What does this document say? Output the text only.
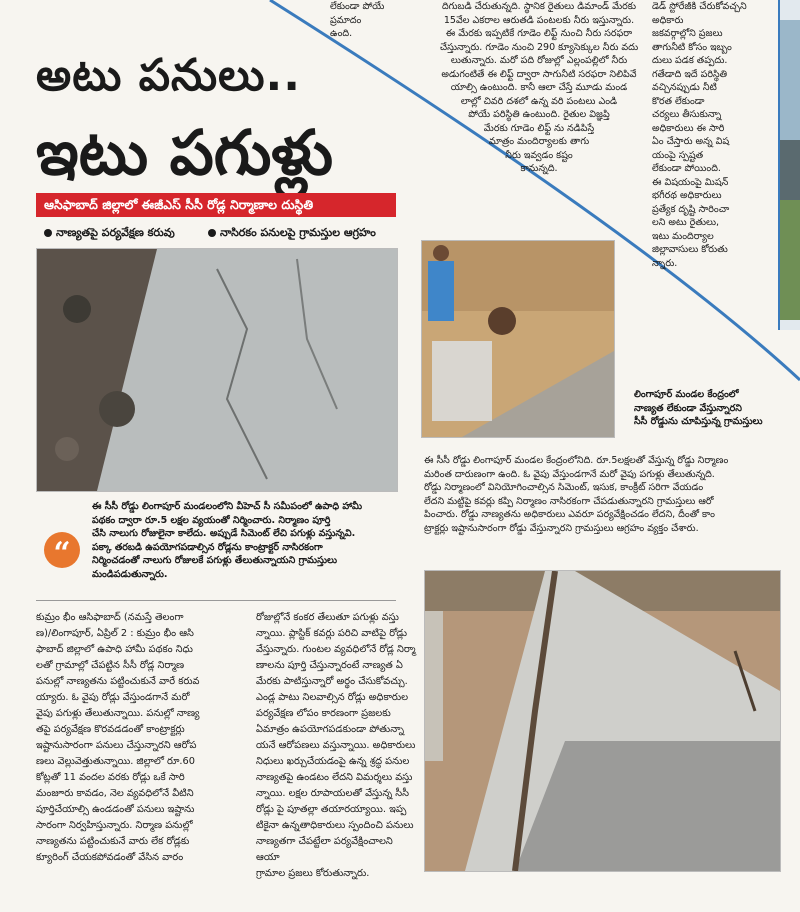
లేకుండా పోయే
ప్రమాదం
ఉంది.
అటు పనులు..
ఇటు పగుళ్లు
ఆసిఫాబాద్ జిల్లాలో ఈజీఎస్ సీసీ రోడ్ల నిర్మాణాల దుస్థితి
నాణ్యతపై పర్యవేక్షణ కరువు	నాసిరకం పనులపై గ్రామస్తుల ఆగ్రహం
దిగుబడి చేరుతున్నది. స్థానిక రైతులు డిమాండ్ మేరకు
15వేల ఎకరాల ఆరుతడి పంటలకు నీరు ఇస్తున్నారు.
ఈ మేరకు ఇప్పటికే గూడెం లిఫ్ట్ నుంచి నీరు సరఫరా
చేస్తున్నారు. గూడెం నుంచి 290 క్యూసెక్కుల నీరు వదు
లుతున్నారు. మరో పది రోజుల్లో ఎల్లంపల్లిలో నీరు
అడుగంటితే ఈ లిఫ్ట్ ద్వారా సాగునీటి సరఫరా నిలిపివే
యాల్సి ఉంటుంది. కానీ ఆలా చేస్తే మూడు మండ
లాల్లో చివరి దశలో ఉన్న వరి పంటలు ఎండి
పోయే పరిస్థితి ఉంటుంది. రైతుల విజ్ఞప్తి
మేరకు గూడెం లిఫ్ట్ ను నడిపిస్తే
మాత్రం మందిర్యాలకు తాగు
నీరు ఇవ్వడం కష్టం
కానున్నది.
డెడ్ స్టోరేజీకి చేరుకోవచ్చని అధికారు
జకవర్గాల్లోని ప్రజలు
తాగునీటి కోసం ఇబ్బం
దులు పడక తప్పదు.
గతేడాది ఇదే పరిస్థితి
వచ్చినప్పుడు నీటి
కొరత లేకుండా
చర్యలు తీసుకున్నా
అధికారులు ఈ సారి
ఏం చేస్తారు అన్న విష
యంపై స్పష్టత
లేకుండా పోయింది.
ఈ విషయంపై మిషన్
భగీరథ అధికారులు
ప్రత్యేక దృష్టి సారించా
లని అటు రైతులు,
ఇటు మందిర్యాల
జిల్లావాసులు కోరుతు
న్నారు.
లింగాపూర్ మండల కేంద్రంలో
నాణ్యత లేకుండా వేస్తున్నారని
సీసీ రోడ్డును చూపిస్తున్న గ్రామస్తులు
ఈ సీసీ రోడ్డు లింగాపూర్ మండల కేంద్రంలోనిది. రూ.5లక్షలతో వేస్తున్న రోడ్డు నిర్మాణం
మరింత దారుణంగా ఉంది. ఓ వైపు వేస్తుండగానే మరో వైపు పగుళ్లు తేలుతున్నది.
రోడ్డు నిర్మాణంలో వినియోగించాల్సిన సిమెంట్, ఇసుక, కాంక్రీట్ సరిగా వేయడం
లేదని మట్టిపై కవర్లు కప్పి నిర్మాణం నాసిరకంగా చేపడుతున్నారని గ్రామస్తులు ఆరో
పించారు. రోడ్డు నాణ్యతను అధికారులు ఎవరూ పర్యవేక్షించడం లేదని, దీంతో కాం
ట్రాక్టర్లు ఇష్టానుసారంగా రోడ్డు వేస్తున్నారని గ్రామస్తులు ఆగ్రహం వ్యక్తం చేశారు.
“
ఈ సీసీ రోడ్డు లింగాపూర్ మండలంలోని వీహెచ్ సీ సమీపంలో ఉపాధి హామీ
పథకం ద్వారా రూ.5 లక్షల వ్యయంతో నిర్మించారు. నిర్మాణం పూర్తి
చేసి నాలుగు రోజులైనా కాలేదు. అప్పుడే సిమెంట్ లేచి పగుళ్లు వస్తున్నవి.
పక్కా తరబడి ఉపయోగపడాల్సిన రోడ్లను కాంట్రాక్టర్ నాసిరకంగా
నిర్మించడంతో నాలుగు రోజులకే పగుళ్లు తేలుతున్నాయని గ్రామస్తులు
మండిపడుతున్నారు.
కుమ్రం భీం ఆసిఫాబాద్ (నమస్తే తెలంగా
ణ)/లింగాపూర్, ఏప్రిల్ 2 : కుమ్రం భీం ఆసి
ఫాబాద్ జిల్లాలో ఉపాధి హామీ పథకం నిధు
లతో గ్రామాల్లో చేపట్టిన సీసీ రోడ్ల నిర్మాణ
పనుల్లో నాణ్యతను పట్టించుకునే వారే కరువ
య్యారు. ఓ వైపు రోడ్లు వేస్తుండగానే మరో
వైపు పగుళ్లు తేలుతున్నాయి. పనుల్లో నాణ్య
తపై పర్యవేక్షణ కొరవడడంతో కాంట్రాక్టర్లు
ఇష్టానుసారంగా పనులు చేస్తున్నారని ఆరోప
ణలు వెల్లువెత్తుతున్నాయి. జిల్లాలో రూ.60
కోట్లతో 11 వందల వరకు రోడ్లు ఒకే సారి
మంజూరు కావడం, నెల వ్యవధిలోనే వీటిని
పూర్తిచేయాల్సి ఉండడంతో పనులు ఇష్టాను
సారంగా నిర్వహిస్తున్నారు. నిర్మాణ పనుల్లో
నాణ్యతను పట్టించుకునే వారు లేక రోడ్లకు
క్యూరింగ్ చేయకపోవడంతో వేసిన వారం
రోజుల్లోనే కంకర తేలుతూ పగుళ్లు వస్తు
న్నాయి. ప్లాస్టిక్ కవర్లు పరిచి వాటిపై రోడ్లు
వేస్తున్నారు. గుంటల వ్యవధిలోనే రోడ్ల నిర్మా
ణాలను పూర్తి చేస్తున్నారంటే నాణ్యత ఏ
మేరకు పాటిస్తున్నారో అర్థం చేసుకోవచ్చు.
ఎండ్ల పాటు నిలవాల్సిన రోడ్లు అధికారుల
పర్యవేక్షణ లోపం కారణంగా ప్రజలకు
ఏమాత్రం ఉపయోగపడకుండా పోతున్నా
యనే ఆరోపణలు వస్తున్నాయి. అధికారులు
నిధులు ఖర్చుచేయడంపై ఉన్న శ్రద్ధ పనుల
నాణ్యతపై ఉండటం లేదని విమర్శలు వస్తు
న్నాయి. లక్షల రూపాయలతో వేస్తున్న సీసీ
రోడ్లు పై పూతల్లా తయారయ్యాయి. ఇప్ప
టికైనా ఉన్నతాధికారులు స్పందించి పనులు
నాణ్యతగా చేపట్టేలా పర్యవేక్షించాలని ఆయా
గ్రామాల ప్రజలు కోరుతున్నారు.
